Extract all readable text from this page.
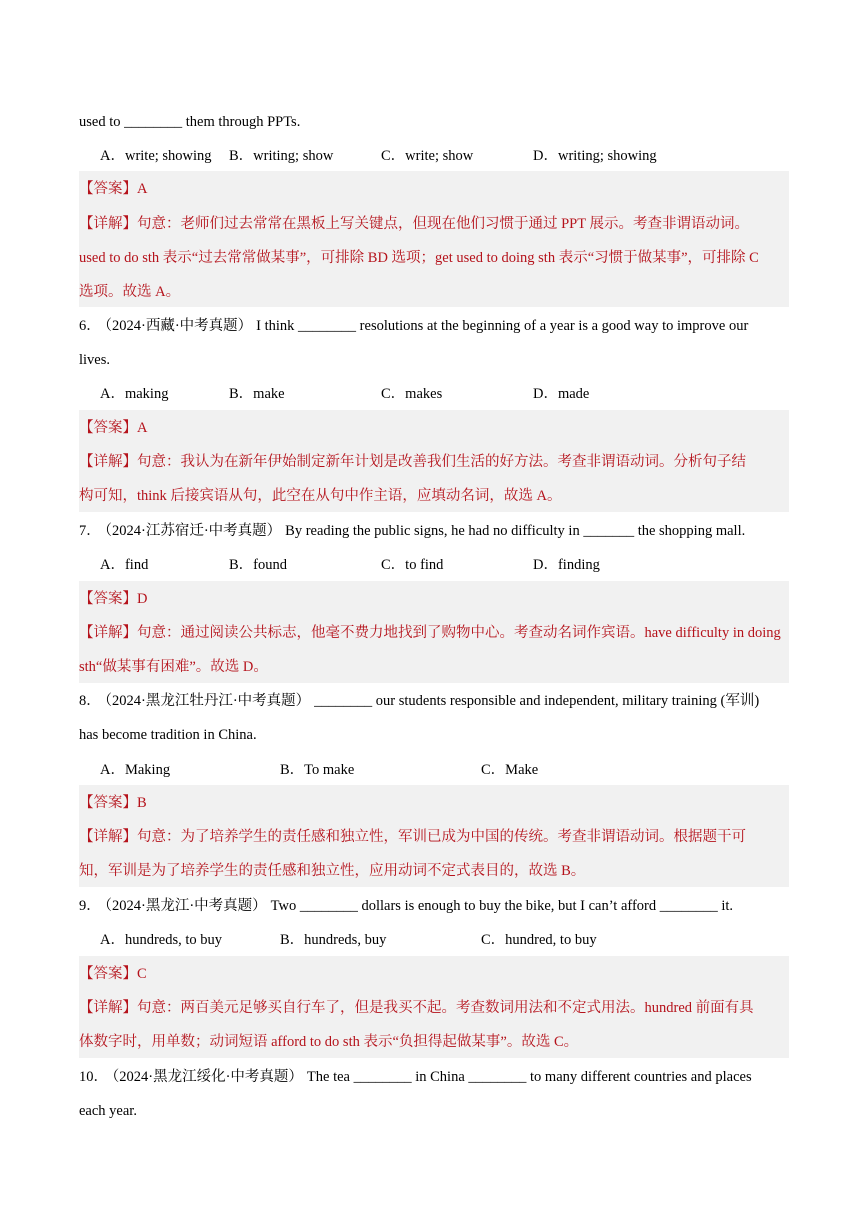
used to ________ them through PPTs.
A．write; showing B．writing; show	C．write; show	D．writing; showing
【答案】A
【详解】句意：老师们过去常常在黑板上写关键点，但现在他们习惯于通过 PPT 展示。考查非谓语动词。
used to do sth 表示“过去常常做某事”，可排除 BD 选项；get used to doing sth 表示“习惯于做某事”，可排除 C
选项。故选 A。
6． （2024·西藏·中考真题） I think ________ resolutions at the beginning of a year is a good way to improve our
lives.
A．making	B．make	C．makes	D．made
【答案】A
【详解】句意：我认为在新年伊始制定新年计划是改善我们生活的好方法。考查非谓语动词。分析句子结
构可知，think 后接宾语从句，此空在从句中作主语，应填动名词，故选 A。
7． （2024·江苏宿迁·中考真题） By reading the public signs, he had no difficulty in _______ the shopping mall.
A．find	B．found	C．to find	D．finding
【答案】D
【详解】句意：通过阅读公共标志，他毫不费力地找到了购物中心。考查动名词作宾语。have difficulty in doing
sth“做某事有困难”。故选 D。
8． （2024·黑龙江牡丹江·中考真题） ________ our students responsible and independent, military training (军训)
has become tradition in China.
A．Making	B．To make	C．Make
【答案】B
【详解】句意：为了培养学生的责任感和独立性，军训已成为中国的传统。考查非谓语动词。根据题干可
知，军训是为了培养学生的责任感和独立性，应用动词不定式表目的，故选 B。
9． （2024·黑龙江·中考真题） Two ________ dollars is enough to buy the bike, but I can’t afford ________ it.
A．hundreds, to buy	B．hundreds, buy	C．hundred, to buy
【答案】C
【详解】句意：两百美元足够买自行车了，但是我买不起。考查数词用法和不定式用法。hundred 前面有具
体数字时，用单数；动词短语 afford to do sth 表示“负担得起做某事”。故选 C。
10． （2024·黑龙江绥化·中考真题） The tea ________ in China ________ to many different countries and places
each year.
